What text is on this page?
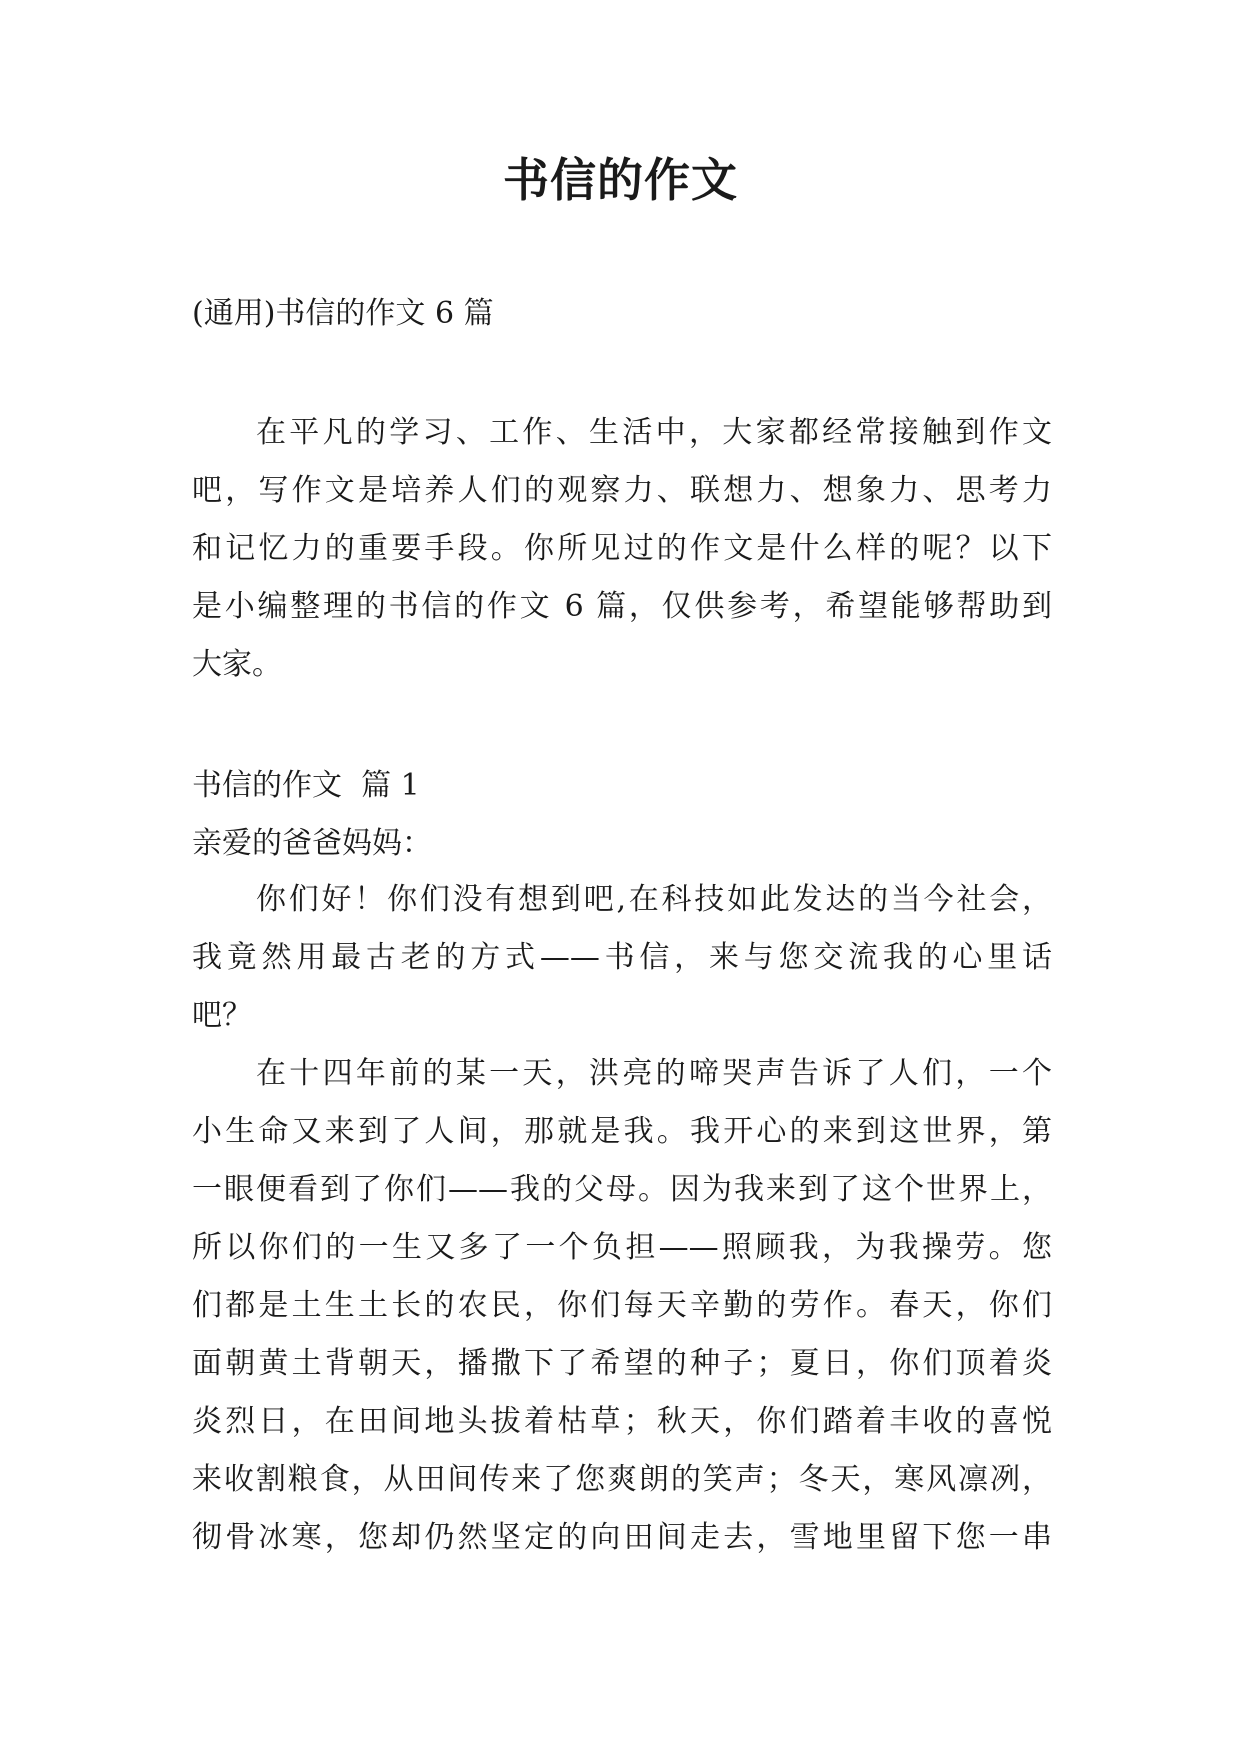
书信的作文
(通用)书信的作文 6 篇
在平凡的学习、工作、生活中，大家都经常接触到作文
吧，写作文是培养人们的观察力、联想力、想象力、思考力
和记忆力的重要手段。你所见过的作文是什么样的呢？以下
是小编整理的书信的作文 6 篇，仅供参考，希望能够帮助到
大家。
书信的作文  篇 1
亲爱的爸爸妈妈：
你们好！你们没有想到吧,在科技如此发达的当今社会，
我竟然用最古老的方式——书信，来与您交流我的心里话
吧？
在十四年前的某一天，洪亮的啼哭声告诉了人们，一个
小生命又来到了人间，那就是我。我开心的来到这世界，第
一眼便看到了你们——我的父母。因为我来到了这个世界上，
所以你们的一生又多了一个负担——照顾我，为我操劳。您
们都是土生土长的农民，你们每天辛勤的劳作。春天，你们
面朝黄土背朝天，播撒下了希望的种子；夏日，你们顶着炎
炎烈日，在田间地头拔着枯草；秋天，你们踏着丰收的喜悦
来收割粮食，从田间传来了您爽朗的笑声；冬天，寒风凛冽，
彻骨冰寒，您却仍然坚定的向田间走去，雪地里留下您一串
